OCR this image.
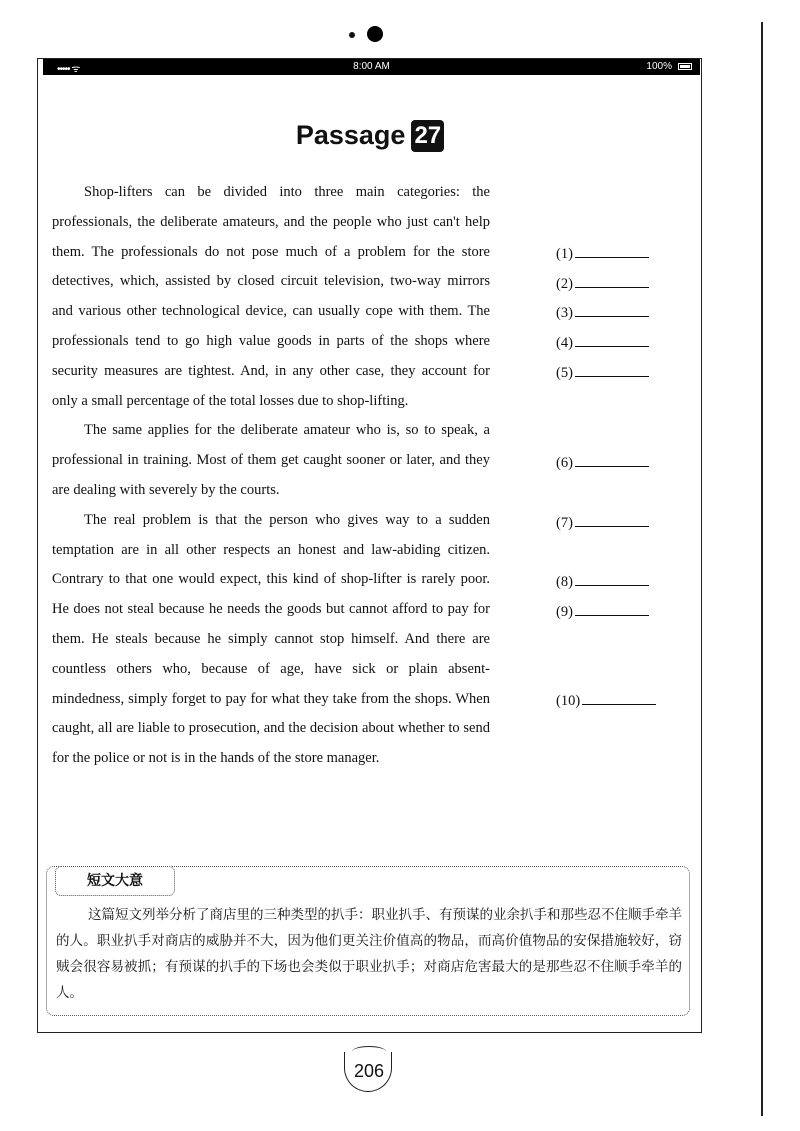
••••• ᯤ	8:00 AM	100%
Passage 27

Shop-lifters can be divided into three main categories: the professionals, the deliberate amateurs, and the people who just can't help them. The professionals do not pose much of a problem for the store detectives, which, assisted by closed circuit television, two-way mirrors and various other technological device, can usually cope with them. The professionals tend to go high value goods in parts of the shops where security measures are tightest. And, in any other case, they account for only a small percentage of the total losses due to shop-lifting.

The same applies for the deliberate amateur who is, so to speak, a professional in training. Most of them get caught sooner or later, and they are dealing with severely by the courts.

The real problem is that the person who gives way to a sudden temptation are in all other respects an honest and law-abiding citizen. Contrary to that one would expect, this kind of shop-lifter is rarely poor. He does not steal because he needs the goods but cannot afford to pay for them. He steals because he simply cannot stop himself. And there are countless others who, because of age, have sick or plain absent-mindedness, simply forget to pay for what they take from the shops. When caught, all are liable to prosecution, and the decision about whether to send for the police or not is in the hands of the store manager.

(1)
(2)
(3)
(4)
(5)
(6)
(7)
(8)
(9)
(10)
短文大意
这篇短文列举分析了商店里的三种类型的扒手：职业扒手、有预谋的业余扒手和那些忍不住顺手牵羊的人。职业扒手对商店的威胁并不大，因为他们更关注价值高的物品，而高价值物品的安保措施较好，窃贼会很容易被抓；有预谋的扒手的下场也会类似于职业扒手；对商店危害最大的是那些忍不住顺手牵羊的人。
206
